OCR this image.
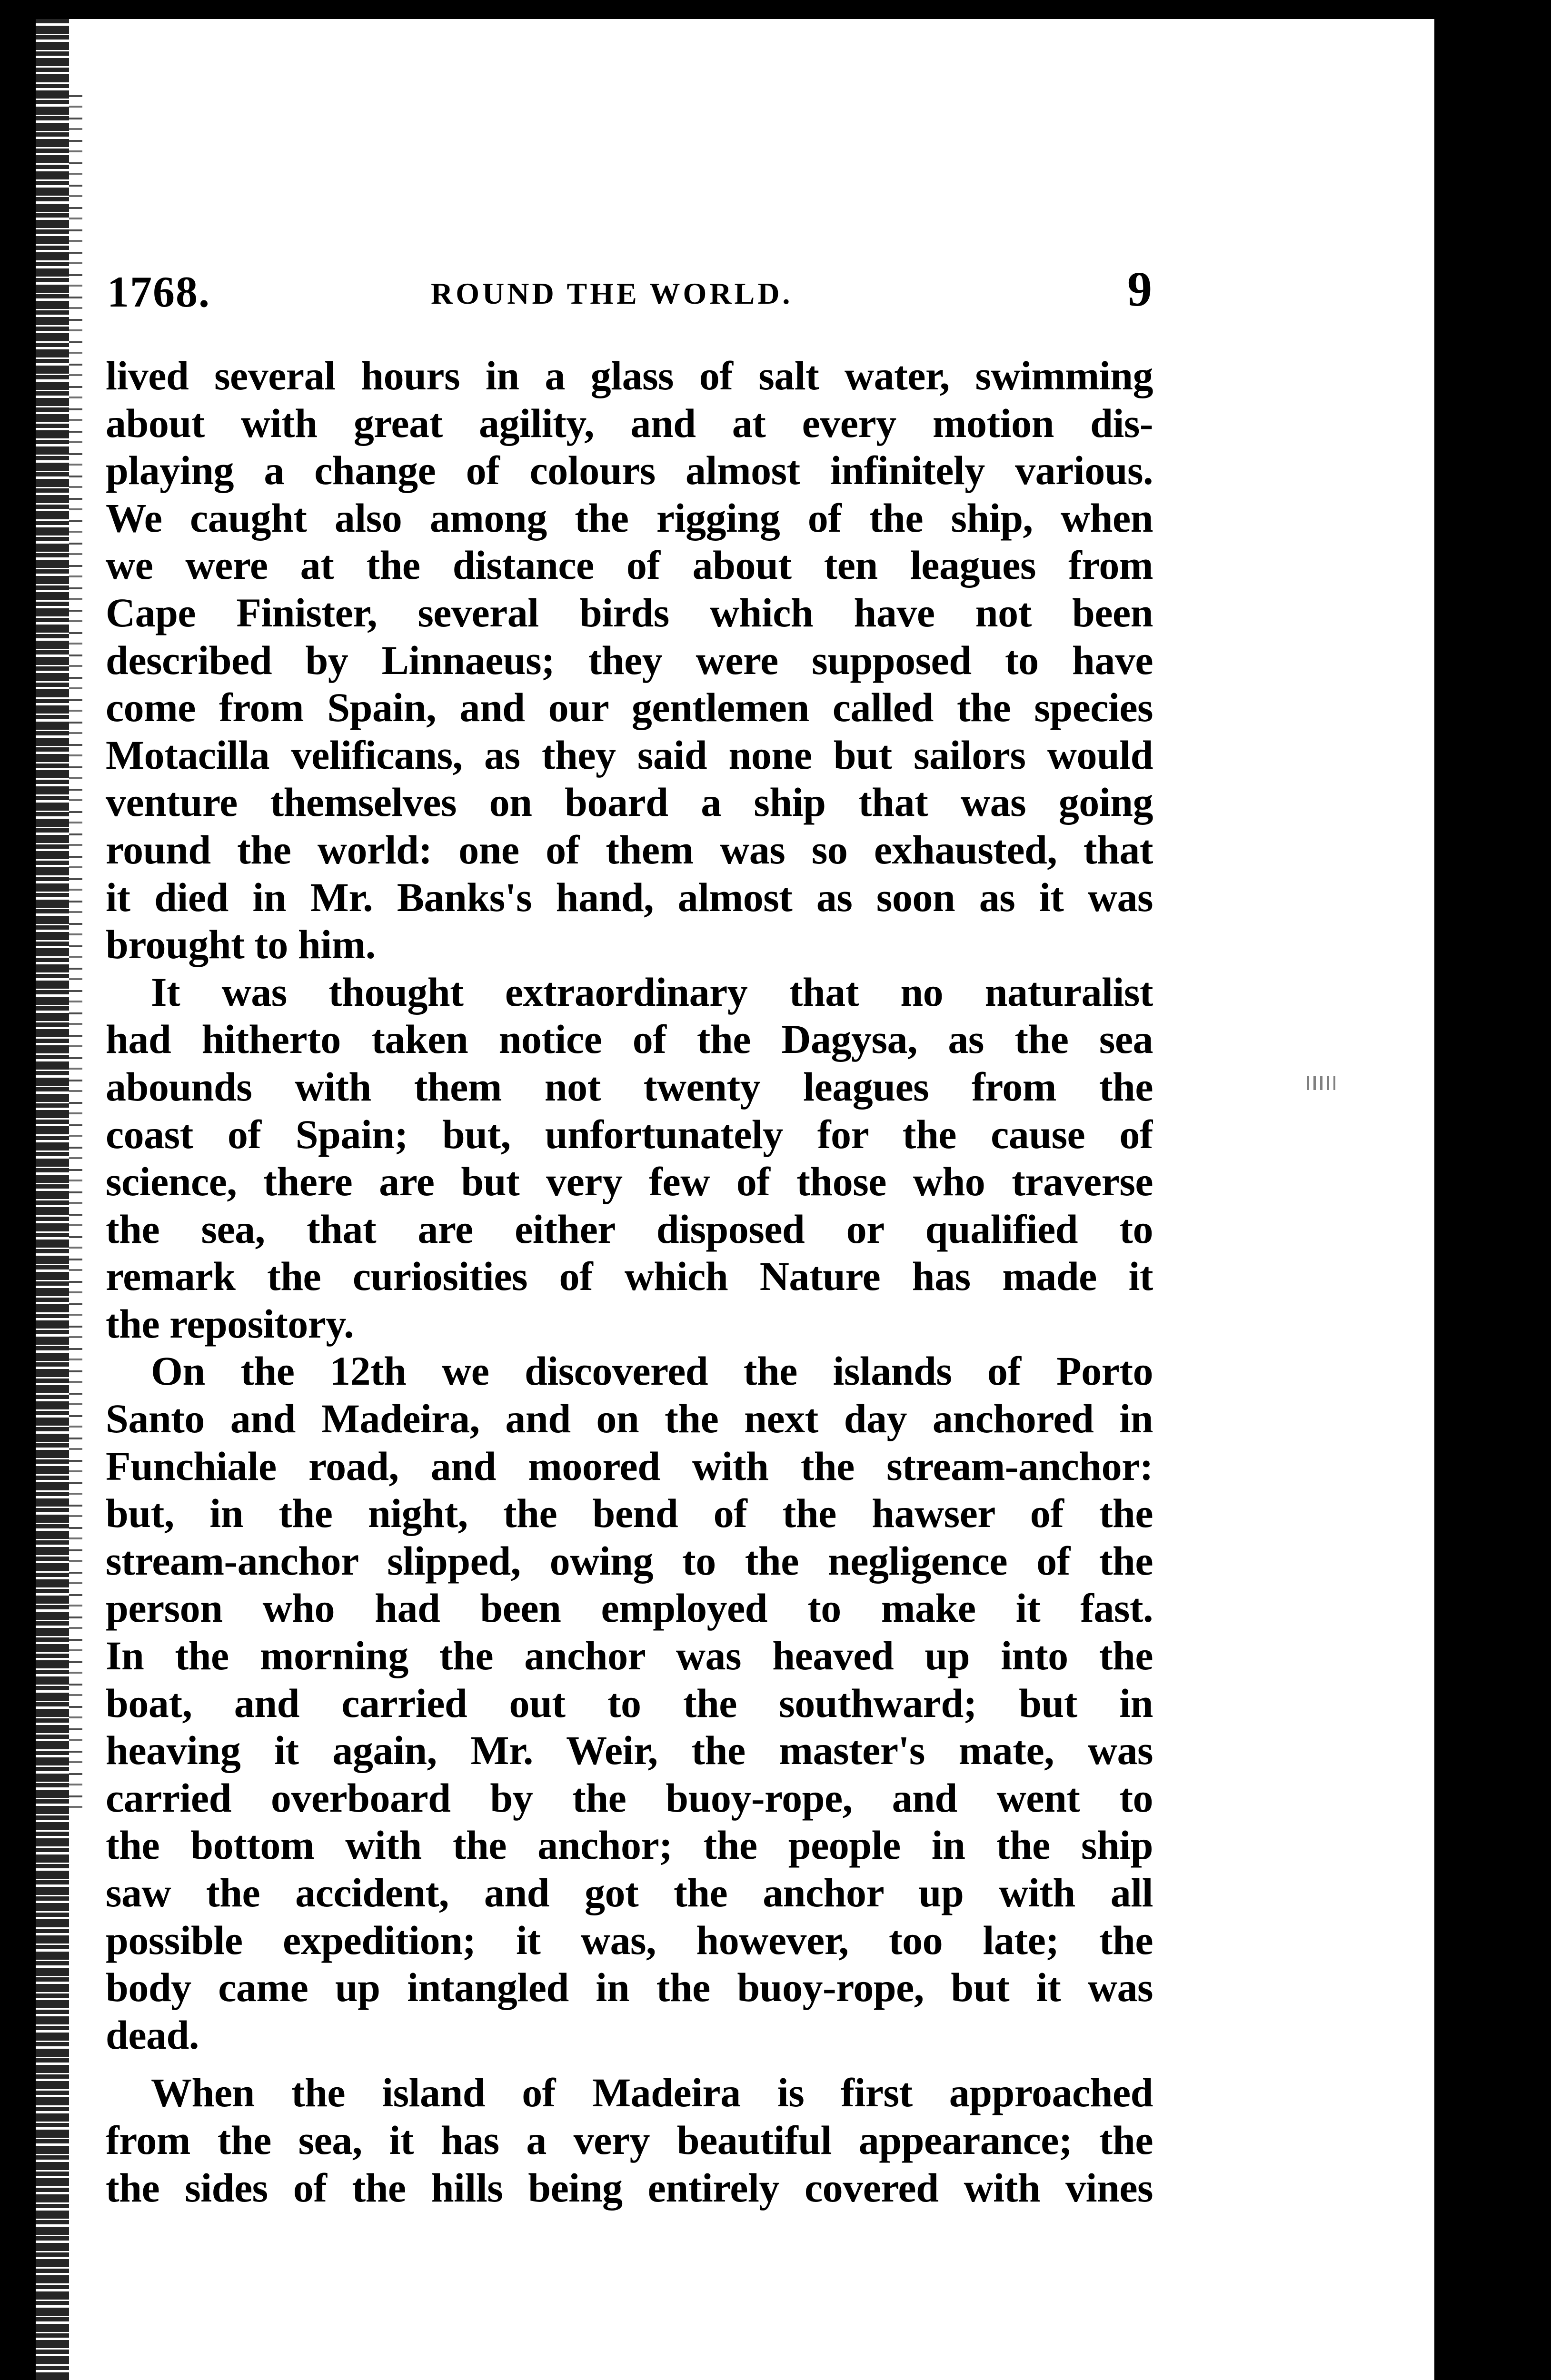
1768.	ROUND THE WORLD.	9
lived several hours in a glass of salt water, swimming
about with great agility, and at every motion dis-
playing a change of colours almost infinitely various.
We caught also among the rigging of the ship, when
we were at the distance of about ten leagues from
Cape Finister, several birds which have not been
described by Linnaeus; they were supposed to have
come from Spain, and our gentlemen called the species
Motacilla velificans, as they said none but sailors would
venture themselves on board a ship that was going
round the world: one of them was so exhausted, that
it died in Mr. Banks's hand, almost as soon as it was
brought to him.
It was thought extraordinary that no naturalist
had hitherto taken notice of the Dagysa, as the sea
abounds with them not twenty leagues from the
coast of Spain; but, unfortunately for the cause of
science, there are but very few of those who traverse
the sea, that are either disposed or qualified to
remark the curiosities of which Nature has made it
the repository.
On the 12th we discovered the islands of Porto
Santo and Madeira, and on the next day anchored in
Funchiale road, and moored with the stream-anchor:
but, in the night, the bend of the hawser of the
stream-anchor slipped, owing to the negligence of the
person who had been employed to make it fast.
In the morning the anchor was heaved up into the
boat, and carried out to the southward; but in
heaving it again, Mr. Weir, the master's mate, was
carried overboard by the buoy-rope, and went to
the bottom with the anchor; the people in the ship
saw the accident, and got the anchor up with all
possible expedition; it was, however, too late; the
body came up intangled in the buoy-rope, but it was
dead.
When the island of Madeira is first approached
from the sea, it has a very beautiful appearance; the
the sides of the hills being entirely covered with vines
